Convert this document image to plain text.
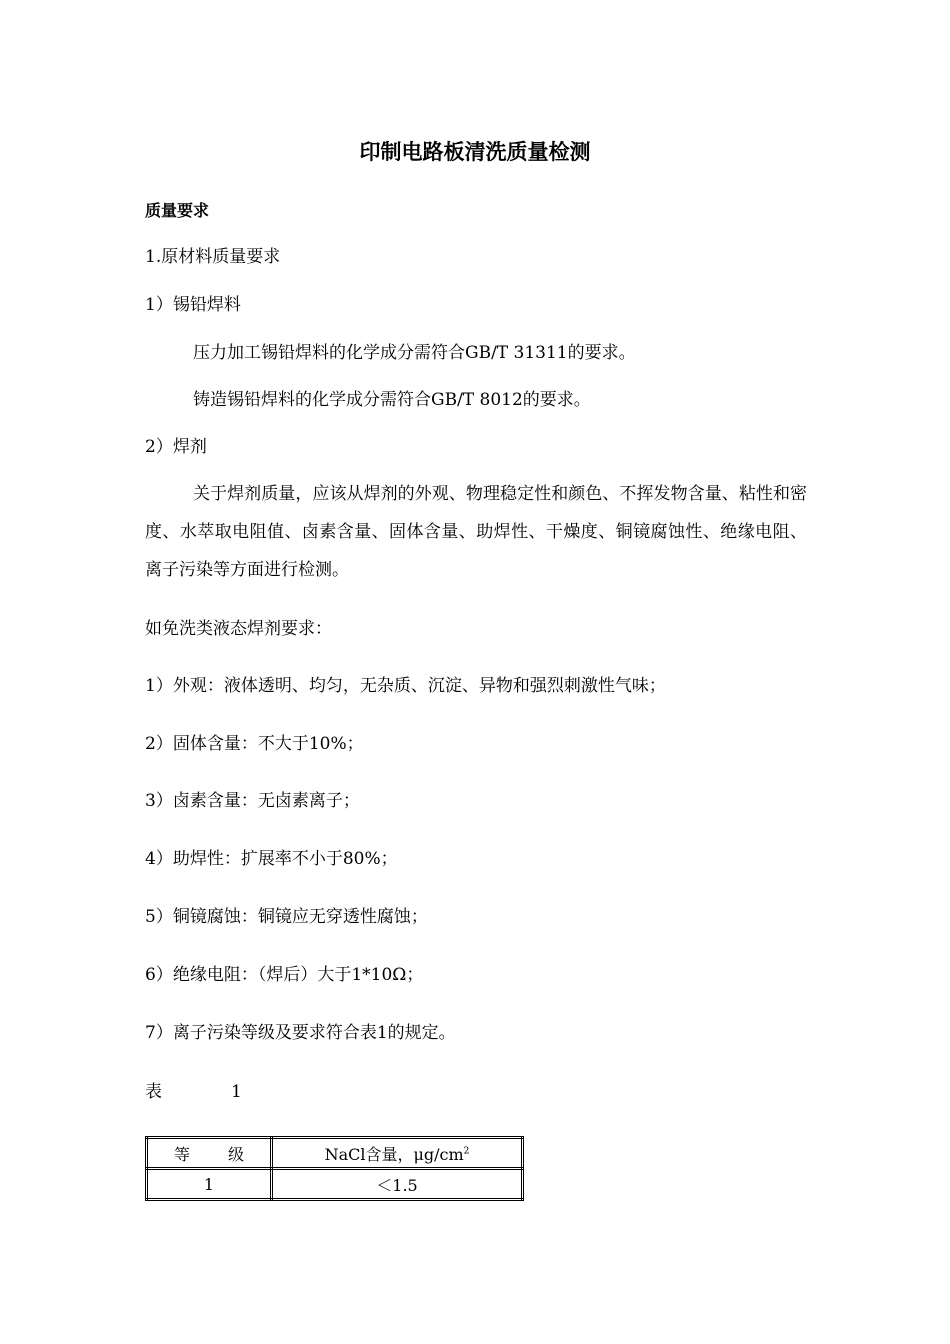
印制电路板清洗质量检测
质量要求
1.原材料质量要求
1）锡铅焊料
压力加工锡铅焊料的化学成分需符合GB/T 31311的要求。
铸造锡铅焊料的化学成分需符合GB/T 8012的要求。
2）焊剂
关于焊剂质量，应该从焊剂的外观、物理稳定性和颜色、不挥发物含量、粘性和密度、水萃取电阻值、卤素含量、固体含量、助焊性、干燥度、铜镜腐蚀性、绝缘电阻、离子污染等方面进行检测。
如免洗类液态焊剂要求：
1）外观：液体透明、均匀，无杂质、沉淀、异物和强烈刺激性气味；
2）固体含量：不大于10%；
3）卤素含量：无卤素离子；
4）助焊性：扩展率不小于80%；
5）铜镜腐蚀：铜镜应无穿透性腐蚀；
6）绝缘电阻：（焊后）大于1*10Ω；
7）离子污染等级及要求符合表1的规定。
表	1
等 级	NaCl含量，$\mu g/cm^2$
1	＜1.5
